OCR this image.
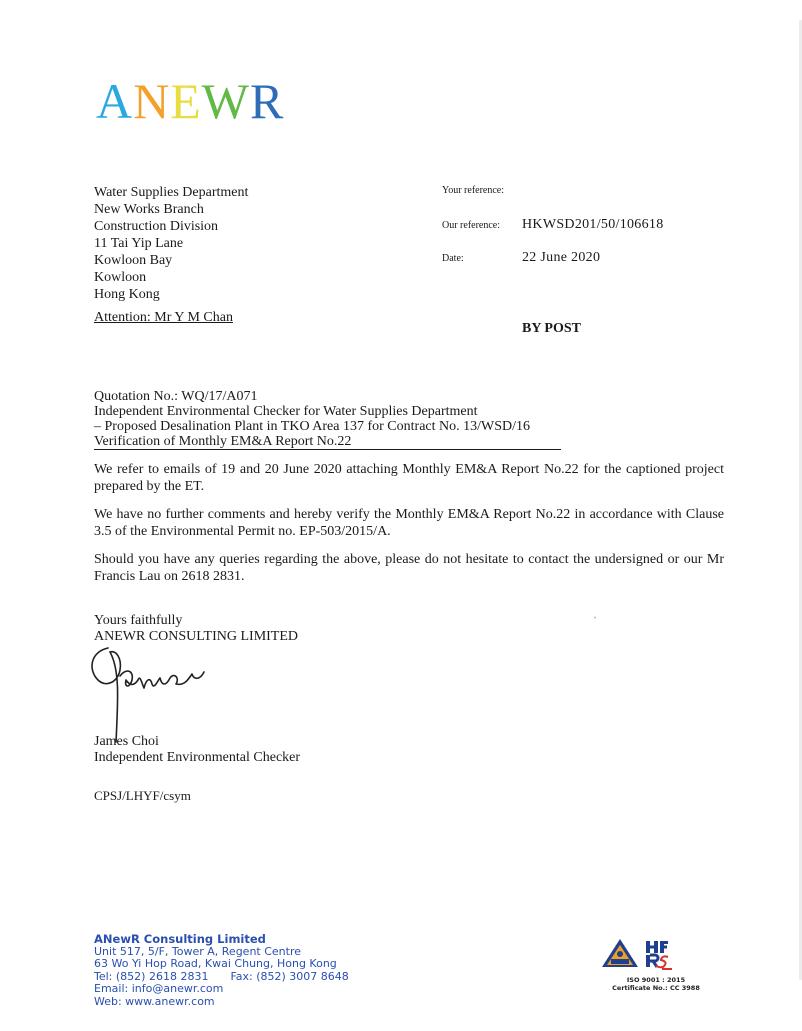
ANEWR
Water Supplies Department
New Works Branch
Construction Division
11 Tai Yip Lane
Kowloon Bay
Kowloon
Hong Kong
Attention: Mr Y M Chan
Your reference:
Our reference: HKWSD201/50/106618
Date:	22 June 2020
BY POST
Quotation No.: WQ/17/A071
Independent Environmental Checker for Water Supplies Department
– Proposed Desalination Plant in TKO Area 137 for Contract No. 13/WSD/16
Verification of Monthly EM&A Report No.22
We refer to emails of 19 and 20 June 2020 attaching Monthly EM&A Report No.22 for the captioned project prepared by the ET.
We have no further comments and hereby verify the Monthly EM&A Report No.22 in accordance with Clause 3.5 of the Environmental Permit no. EP-503/2015/A.
Should you have any queries regarding the above, please do not hesitate to contact the undersigned or our Mr Francis Lau on 2618 2831.
Yours faithfully
ANEWR CONSULTING LIMITED
James Choi
Independent Environmental Checker
CPSJ/LHYF/csym
ANewR Consulting Limited
Unit 517, 5/F, Tower A, Regent Centre
63 Wo Yi Hop Road, Kwai Chung, Hong Kong
Tel: (852) 2618 2831 Fax: (852) 3007 8648
Email: info@anewr.com
Web: www.anewr.com
ISO 9001 : 2015
Certificate No.: CC 3988
